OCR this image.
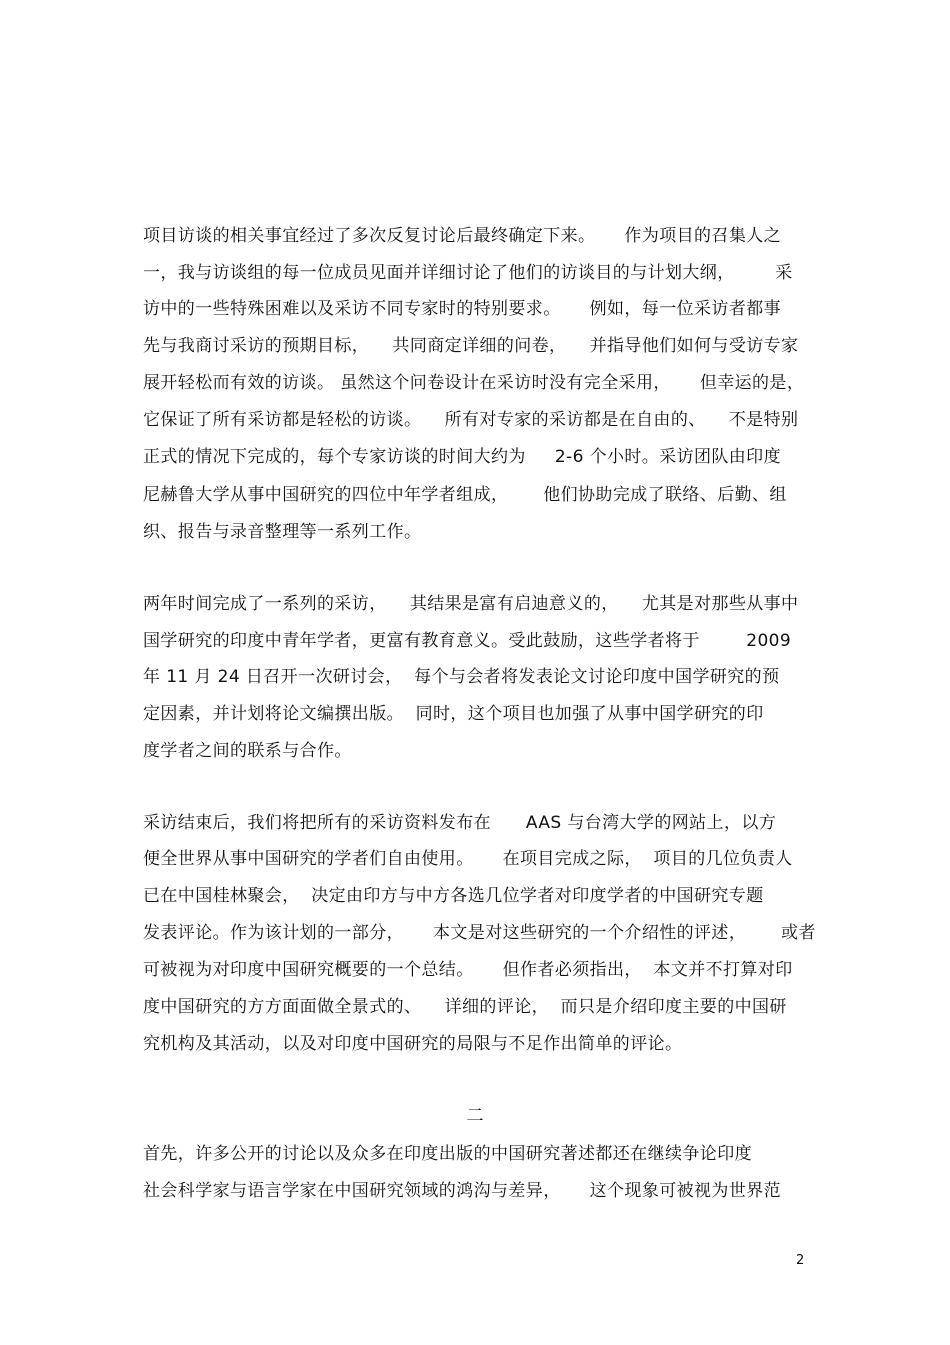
项目访谈的相关事宜经过了多次反复讨论后最终确定下来。     作为项目的召集人之
一，我与访谈组的每一位成员见面并详细讨论了他们的访谈目的与计划大纲，       采
访中的一些特殊困难以及采访不同专家时的特别要求。     例如，每一位采访者都事
先与我商讨采访的预期目标，    共同商定详细的问卷，    并指导他们如何与受访专家
展开轻松而有效的访谈。 虽然这个问卷设计在采访时没有完全采用，     但幸运的是，
它保证了所有采访都是轻松的访谈。    所有对专家的采访都是在自由的、    不是特别
正式的情况下完成的，每个专家访谈的时间大约为     2-6 个小时。采访团队由印度
尼赫鲁大学从事中国研究的四位中年学者组成，      他们协助完成了联络、后勤、组
织、报告与录音整理等一系列工作。
两年时间完成了一系列的采访，    其结果是富有启迪意义的，    尤其是对那些从事中
国学研究的印度中青年学者，更富有教育意义。受此鼓励，这些学者将于        2009
年 11 月 24 日召开一次研讨会，  每个与会者将发表论文讨论印度中国学研究的预
定因素，并计划将论文编撰出版。  同时，这个项目也加强了从事中国学研究的印
度学者之间的联系与合作。
采访结束后，我们将把所有的采访资料发布在      AAS 与台湾大学的网站上，以方
便全世界从事中国研究的学者们自由使用。     在项目完成之际，  项目的几位负责人
已在中国桂林聚会，  决定由印方与中方各选几位学者对印度学者的中国研究专题
发表评论。作为该计划的一部分，     本文是对这些研究的一个介绍性的评述，      或者
可被视为对印度中国研究概要的一个总结。     但作者必须指出，  本文并不打算对印
度中国研究的方方面面做全景式的、    详细的评论，  而只是介绍印度主要的中国研
究机构及其活动，以及对印度中国研究的局限与不足作出简单的评论。
二
首先，许多公开的讨论以及众多在印度出版的中国研究著述都还在继续争论印度
社会科学家与语言学家在中国研究领域的鸿沟与差异，     这个现象可被视为世界范
2
